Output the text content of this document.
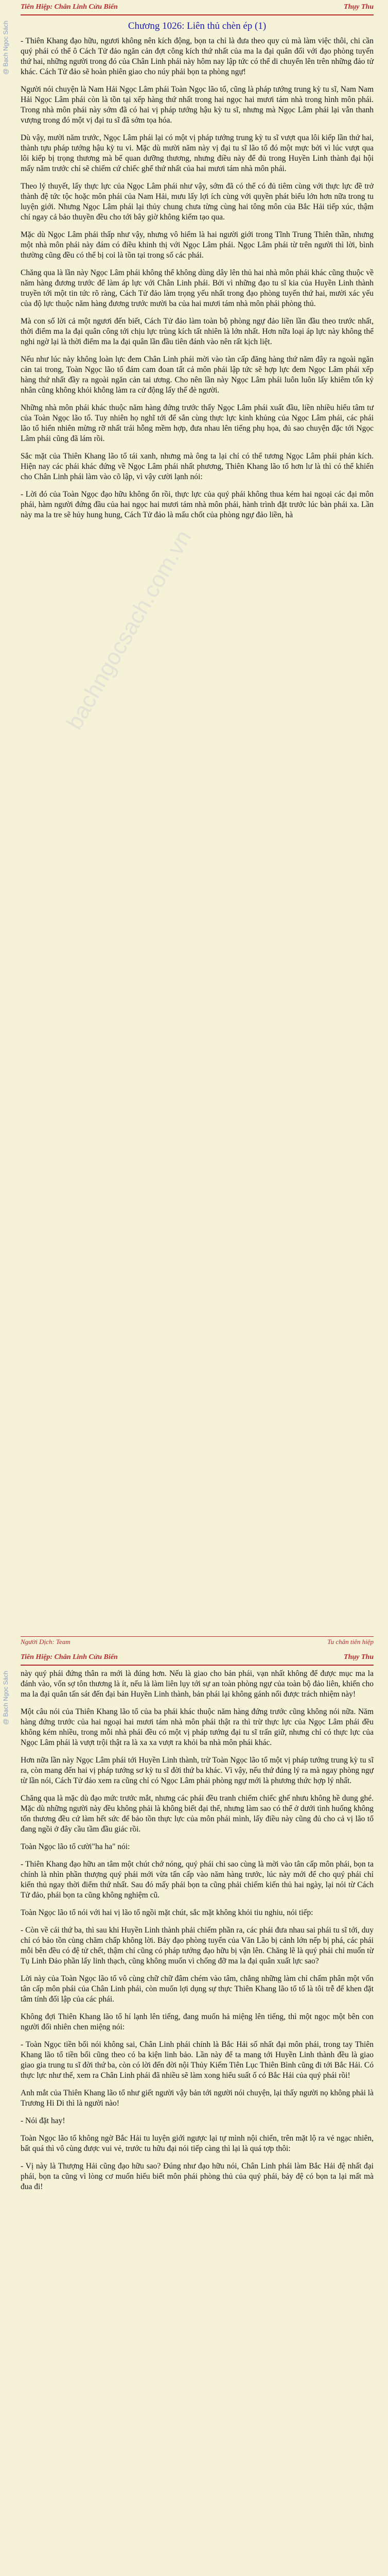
Tiên Hiệp: Chân Linh Cửu Biến	Thụy Thu
@ Bạch Ngọc Sách
bachngocsach.com.vn
Chương 1026: Liên thủ chèn ép (1)

- Thiên Khang đạo hữu, ngươi không nên kích động, bọn ta chỉ là đưa theo quy củ mà làm việc thôi, chi cần quý phái có thể ô Cách Tử đảo ngăn cản đợt công kích thứ nhất của ma la đại quân đối với đạo phòng tuyến thứ hai, những người trong đó của Chân Linh phái này hôm nay lập tức có thể di chuyển lên trên những đảo tử khác. Cách Tử đảo sẽ hoàn phiên giao cho núy phải bọn ta phòng ngự!

Người nói chuyện là Nam Hải Ngọc Lâm phái Toàn Ngọc lão tổ, cũng là pháp tướng trung kỳ tu sĩ, Nam Nam Hải Ngọc Lâm phái còn là tồn tại xếp hàng thứ nhất trong hai ngọc hai mươi tám nhà trong hình môn phái. Trong nhà môn phái này sớm đã có hai vị pháp tướng hậu kỳ tu sĩ, nhưng mà Ngọc Lâm phái lại vẫn thanh vượng trong đó một vị đại tu sĩ đã sớm tọa hóa.

Dù vậy, mười năm trước, Ngọc Lâm phái lại có một vị pháp tướng trung kỳ tu sĩ vượt qua lôi kiếp lần thứ hai, thành tựu pháp tướng hậu kỳ tu vi. Mặc dù mười năm này vị đại tu sĩ lão tổ đó một mực bởi vì lúc vượt qua lôi kiếp bị trọng thương mà bế quan dưỡng thương, nhưng điều này để đủ trong Huyền Linh thành đại hội mấy năm trước chỉ sẽ chiếm cứ chiếc ghế thứ nhất của hai mươi tám nhà môn phái.

Theo lý thuyết, lấy thực lực của Ngọc Lâm phái như vậy, sớm đã có thể có đủ tiêm cùng với thực lực đề trở thành đệ tức tộc hoặc môn phái của Nam Hải, mưu lấy lợi ích cùng với quyền phát biểu lớn hơn nữa trong tu luyện giới. Nhưng Ngọc Lâm phái lại thủy chung chưa từng cùng hai tông môn của Bắc Hải tiếp xúc, thậm chí ngay cả bảo thuyền đều cho tới bây giờ không kiếm tạo qua.

Mặc dù Ngọc Lâm phái thấp như vậy, nhưng vô hiểm là hai người giới trong Tĩnh Trung Thiên thần, nhưng một nhà môn phái này đám có điều khinh thị với Ngọc Lâm phái. Ngọc Lâm phái từ trên người thì lời, bình thường cũng đều có thể bị coi là tồn tại trong số các phái.

Chăng qua là lần này Ngọc Lâm phái không thể không dùng dây lên thủ hai nhà môn phái khác cũng thuộc về năm hàng đương trước để làm áp lực với Chân Linh phái. Bởi vì những đạo tu sĩ kia của Huyền Linh thành truyền tới một tin tức rõ ràng, Cách Tử đảo làm trọng yếu nhất trong đạo phòng tuyến thứ hai, mười xác yếu của độ lực thuộc năm hàng đương trước mười ba của hai mươi tám nhà môn phái phòng thủ.

Mà con số lời cả một ngươi đến biết, Cách Tử đảo làm toàn bộ phòng ngự đảo liền lần đầu theo trước nhất, thời điểm ma la đại quân công tới chịu lực trùng kích tất nhiên là lớn nhất. Hơn nữa loại áp lực này không thể nghi ngờ lại là thời điểm ma la đại quân lần đầu tiên đánh vào nên rất kịch liệt.

Nếu như lúc này không loàn lực đem Chân Linh phái mời vào tàn cấp đăng hàng thứ năm đây ra ngoài ngăn cản tai trong, Toàn Ngọc lão tổ đám cam đoan tất cả môn phái lập tức sẽ hợp lực đem Ngọc Lâm phái xếp hàng thứ nhất đầy ra ngoài ngăn cản tai ương. Cho nên lần này Ngọc Lâm phái luôn luôn lấy khiêm tốn kỷ nhân cũng không khỏi không làm ra cử động lấy thế đè người.

Những nhà môn phái khác thuộc năm hàng đứng trước thấy Ngọc Lâm phái xuất đầu, liền nhiều hiểu tâm tư của Toàn Ngọc lão tổ. Tuy nhiên họ nghĩ tới để sắn cùng thực lực kinh khủng của Ngọc Lâm phái, các phái lão tổ hiển nhiên mừng rỡ nhất trái hỗng mềm hợp, đưa nhau lên tiếng phụ họa, đủ sao chuyện đặc tới Ngọc Lâm phái cũng đã lám rồi.

Sắc mặt của Thiên Khang lão tổ tái xanh, nhưng mà ông ta lại chỉ có thể tương Ngọc Lâm phái phản kích. Hiện nay các phái khác đứng về Ngọc Lâm phái nhất phương, Thiên Khang lão tổ hơn lư là thì có thể khiến cho Chân Linh phái làm vào cõ lập, vì vậy cười lạnh nói:

- Lời đó của Toàn Ngọc đạo hữu không ổn rồi, thực lực của quý phái không thua kém hai ngoại các đại môn phái, hàm người đứng đầu của hai ngọc hai mươi tám nhà môn phái, hành trình đặt trước lúc bàn phái xa. Lần này ma la tre sẽ hủy hung hung, Cách Tử đảo là mấu chốt của phòng ngự đảo liền, hà

Người Dịch: Team	Tu chân tiên hiệp
Tiên Hiệp: Chân Linh Cửu Biến	Thụy Thu
@ Bạch Ngọc Sách này quý phái đứng thân ra mới là đúng hơn. Nếu là giao cho bản phái, vạn nhất không để được mục ma la đánh vào, vốn sợ tôn thương là ít, nếu là làm liên lụy tới sự an toàn phòng ngự của toàn bộ đảo liên, khiến cho ma la đại quân tấn sát đến đại bản Huyền Linh thành, bản phái lại không gánh nổi được trách nhiệm này!

Một câu nói của Thiên Khang lão tổ của ba phái khác thuộc năm hàng đứng trước cũng không nói nữa. Năm hàng đứng trước của hai ngoại hai mươi tám nhà môn phái thật ra thì trừ thực lực của Ngọc Lâm phái đều không kém nhiều, trong mỗi nhà phái đều có một vị pháp tướng đại tu sĩ trấn giữ, nhưng chỉ có thực lực của Ngọc Lâm phái là vượt trội thật ra là xa xa vượt ra khỏi ba nhà môn phái khác.

Hơn nữa lần này Ngọc Lâm phái tới Huyền Linh thành, trừ Toàn Ngọc lão tổ một vị pháp tướng trung kỳ tu sĩ ra, còn mang đến hai vị pháp tướng sơ kỳ tu sĩ đời thứ ba khác. Vì vậy, nếu thứ đúng lý ra mà ngay phòng ngự từ lần nói, Cách Tử đảo xem ra cũng chỉ có Ngọc Lâm phái phòng ngự mới là phương thức hợp lý nhất.

Chăng qua là mặc dù đạo mức trước mắt, nhưng các phái đều tranh chiếm chiếc ghế nhưu không hề dung ghé. Mặc dù những người này đều không phải là không biết đại thể, nhưng làm sao có thể ở dưới tình huống không tổn thương đều cứ làm hết sức để bảo tồn thực lực của môn phái mình, lấy điều này cũng đủ cho cả vị lão tổ đang ngồi ở đây cầu tầm đầu giác rồi.

Toàn Ngọc lão tổ cười"ha ha" nói:

- Thiên Khang đạo hữu an tâm một chút chớ nóng, quý phái chi sao cùng là mời vào tân cấp môn phái, bọn ta chính là nhìn phần thượng quý phái mới vừa tấn cấp vào năm hàng trước, lúc này mới để cho quý phái chỉ kiến thủ ngay thời điểm thứ nhất. Sau đó mấy phái bọn ta cũng phải chiếm kiến thủ hai ngày, lại nói từ Cách Tử đảo, phái bọn ta cũng không nghiệm cũ.

Toàn Ngọc lão tổ nói với hai vị lão tổ ngồi mặt chút, sắc mặt không khỏi tiu nghiu, nói tiếp:

- Còn về cái thứ ba, thì sau khi Huyền Linh thành phải chiếm phần ra, các phái đưa nhau sai phái tu sĩ tới, duy chỉ có bảo tồn cùng chăm chấp không lời. Bảy đạo phòng tuyến của Văn Lão bị cảnh lớn nếp bị phá, các phái mỗi bên đều có đệ tử chết, thậm chí cũng có pháp tướng đạo hữu bị vận lên. Chăng lẽ là quý phái chỉ muốn từ Tụ Linh Đảo phần lấy linh thạch, cũng không muốn vì chống đỡ ma la đại quân xuất lực sao?

Lời này của Toàn Ngọc lão tổ vô cùng chữ chữ đâm chém vào tâm, chẳng những làm chỉ chấm phân một vốn tân cấp môn phái của Chân Linh phái, còn muốn lợi dụng sự thực Thiên Khang lão tổ tố là tôi trễ để khen đặt tâm tính đối lập của các phái.

Không đợi Thiên Khang lão tổ hí lạnh lên tiếng, đang muốn hả miệng lên tiếng, thì một ngọc một bên con người đối nhiên chen miệng nói:

- Toàn Ngọc tiền bối nói không sai, Chân Linh phái chính là Bắc Hải số nhất đại môn phái, trong tay Thiên Khang lão tổ tiền bối cũng theo có ba kiện linh bảo. Lần này để ta mang tới Huyền Linh thành đều là giao giao gia trung tu sĩ đời thứ ba, còn có lời đến đời nội Thủy Kiếm Tiên Lục Thiên Bình cũng đi tới Bắc Hải. Có thực lực như thế, xem ra Chân Linh phái đã nhiều sẽ làm xong hiểu suất ố có Bắc Hải của quý phái rồi!

Anh mắt của Thiên Khang lão tổ như giết người vậy bản tới người nói chuyện, lại thấy người nọ không phải là Trương Hi Di thì là người nào!

- Nói đặt hay!

Toàn Ngọc lão tổ không ngờ Bắc Hải tu luyện giới ngược lại tự mình nội chiến, trên mặt lộ ra vẻ ngạc nhiên, bất quá thì vô cùng được vui vẻ, trước tu hữu đại nói tiếp càng thì lại là quá tợp thôi:

- Vị này là Thượng Hải cũng đạo hữu sao? Đúng như đạo hữu nói, Chân Linh phái làm Bắc Hải đệ nhất đại phái, bọn ta cũng vì lòng cơ muốn hiểu biết môn phái phòng thủ của quý phái, bảy đệ có bọn ta lại mất mà đua đi!
